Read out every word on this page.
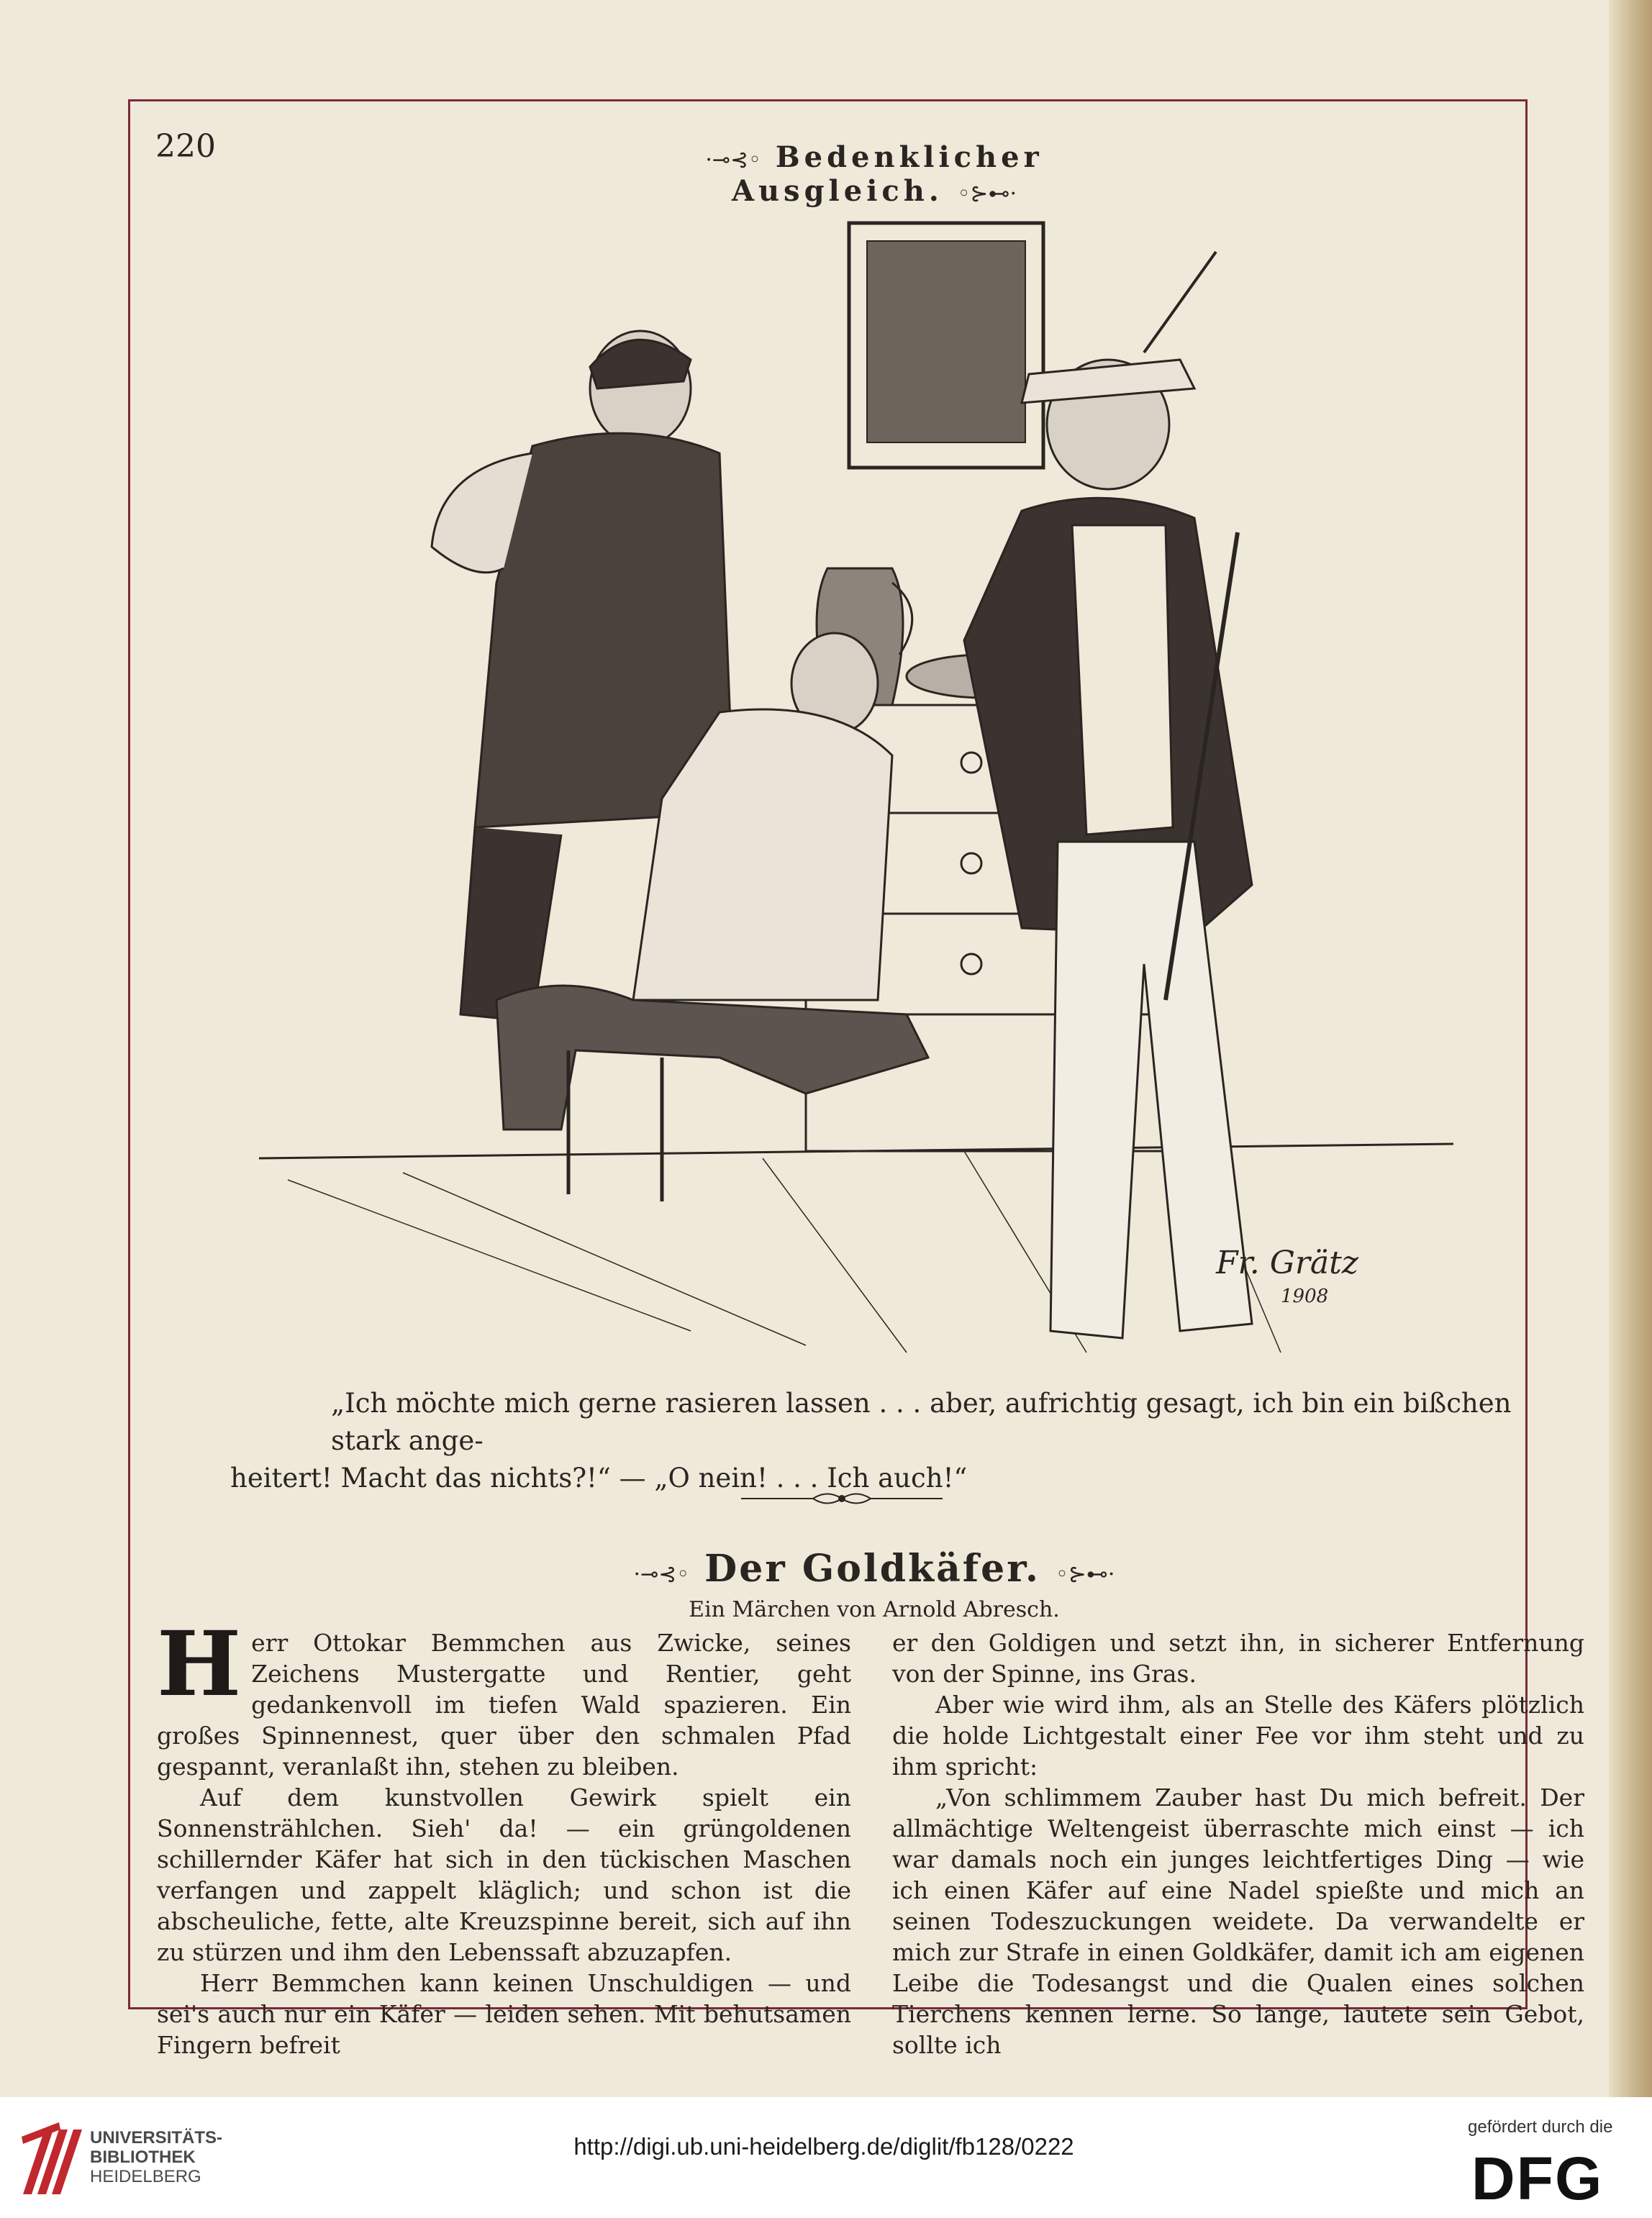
220	·⊸⊰◦ Bedenklicher Ausgleich. ◦⊱⊷·
Fr. Grätz
1908
„Ich möchte mich gerne rasieren lassen . . . aber, aufrichtig gesagt, ich bin ein bißchen stark ange-
heitert! Macht das nichts?!“ — „O nein! . . . Ich auch!“
·⊸⊰◦ Der Goldkäfer. ◦⊱⊷·
Ein Märchen von Arnold Abresch.

Herr Ottokar Bemmchen aus Zwicke, seines Zeichens Mustergatte und Rentier, geht gedankenvoll im tiefen Wald spazieren. Ein großes Spinnennest, quer über den schmalen Pfad gespannt, veranlaßt ihn, stehen zu bleiben.

Auf dem kunstvollen Gewirk spielt ein Sonnenstrählchen. Sieh' da! — ein grüngoldenen schillernder Käfer hat sich in den tückischen Maschen verfangen und zappelt kläglich; und schon ist die abscheuliche, fette, alte Kreuzspinne bereit, sich auf ihn zu stürzen und ihm den Lebenssaft abzuzapfen.

Herr Bemmchen kann keinen Unschuldigen — und sei's auch nur ein Käfer — leiden sehen. Mit behutsamen Fingern befreit

er den Goldigen und setzt ihn, in sicherer Entfernung von der Spinne, ins Gras.

Aber wie wird ihm, als an Stelle des Käfers plötzlich die holde Lichtgestalt einer Fee vor ihm steht und zu ihm spricht:

„Von schlimmem Zauber hast Du mich befreit. Der allmächtige Weltengeist überraschte mich einst — ich war damals noch ein junges leichtfertiges Ding — wie ich einen Käfer auf eine Nadel spießte und mich an seinen Todeszuckungen weidete. Da verwandelte er mich zur Strafe in einen Goldkäfer, damit ich am eigenen Leibe die Todesangst und die Qualen eines solchen Tierchens kennen lerne. So lange, lautete sein Gebot, sollte ich

UNIVERSITÄTS-
BIBLIOTHEK
HEIDELBERG
http://digi.ub.uni-heidelberg.de/diglit/fb128/0222
gefördert durch die
DFG
